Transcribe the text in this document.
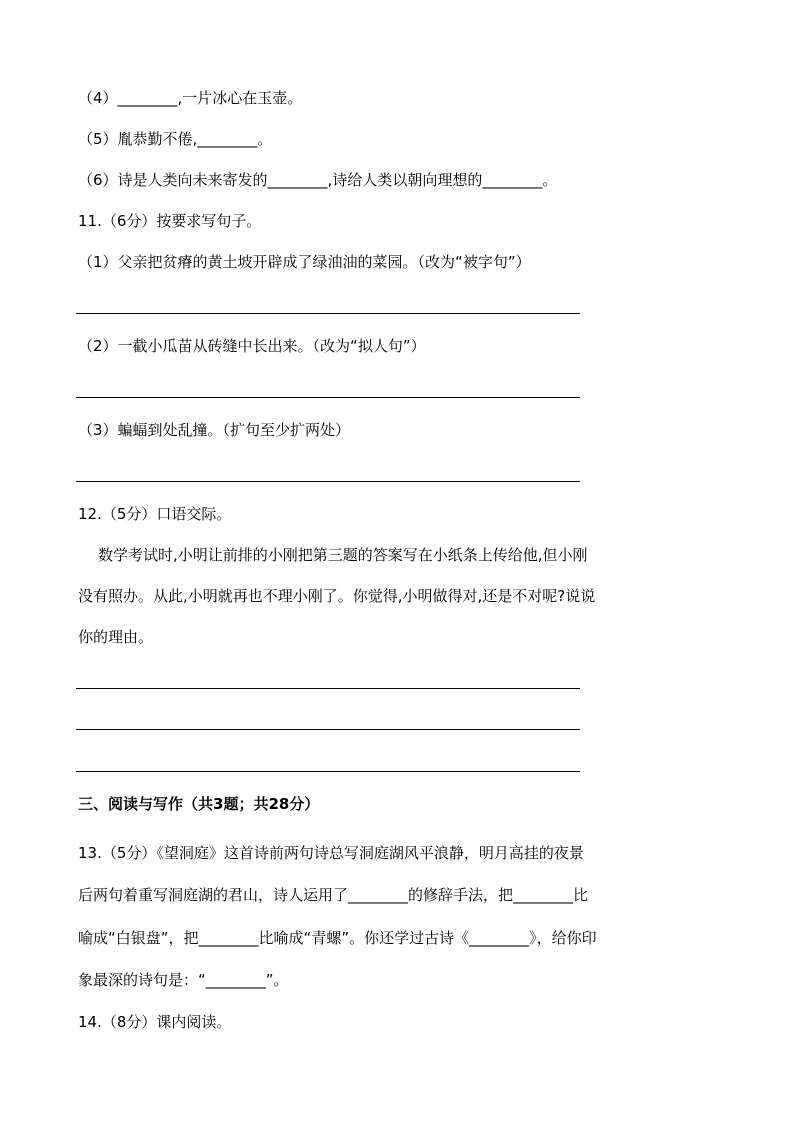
（4）________,一片冰心在玉壶。
（5）胤恭勤不倦,________。
（6）诗是人类向未来寄发的________,诗给人类以朝向理想的________。
11.（6分）按要求写句子。
（1）父亲把贫瘠的黄土坡开辟成了绿油油的菜园。（改为“被字句”）
（2）一截小瓜苗从砖缝中长出来。（改为“拟人句”）
（3）蝙蝠到处乱撞。（扩句至少扩两处）
12.（5分）口语交际。
数学考试时,小明让前排的小刚把第三题的答案写在小纸条上传给他,但小刚
没有照办。从此,小明就再也不理小刚了。你觉得,小明做得对,还是不对呢?说说
你的理由。
三、阅读与写作（共3题；共28分）
13.（5分）《望洞庭》这首诗前两句诗总写洞庭湖风平浪静，明月高挂的夜景
后两句着重写洞庭湖的君山，诗人运用了________的修辞手法，把________比
喻成“白银盘”，把________比喻成“青螺”。你还学过古诗《________》，给你印
象最深的诗句是：“________”。
14.（8分）课内阅读。
